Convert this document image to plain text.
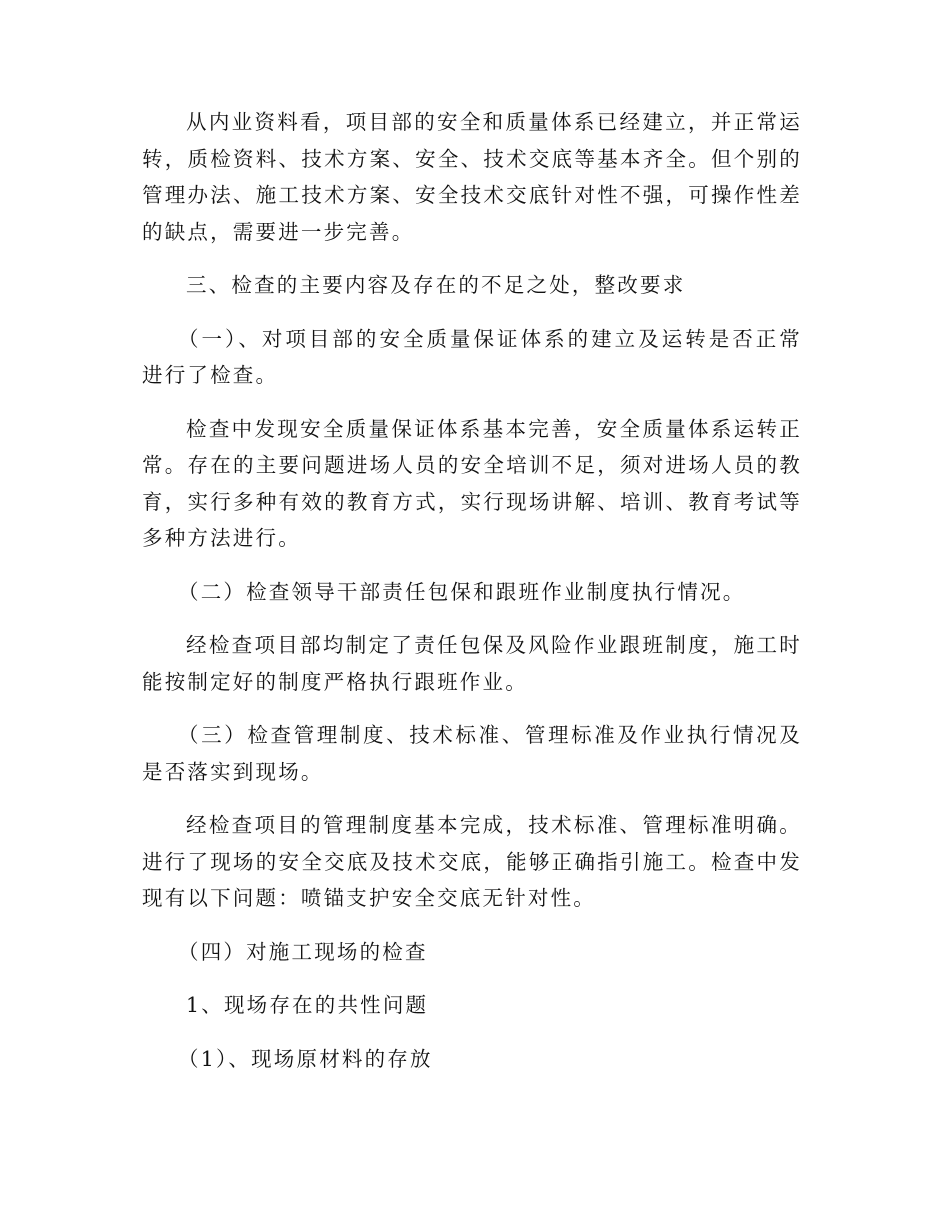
从内业资料看，项目部的安全和质量体系已经建立，并正常运转，质检资料、技术方案、安全、技术交底等基本齐全。但个别的管理办法、施工技术方案、安全技术交底针对性不强，可操作性差的缺点，需要进一步完善。

三、检查的主要内容及存在的不足之处，整改要求

（一）、对项目部的安全质量保证体系的建立及运转是否正常进行了检查。

检查中发现安全质量保证体系基本完善，安全质量体系运转正常。存在的主要问题进场人员的安全培训不足，须对进场人员的教育，实行多种有效的教育方式，实行现场讲解、培训、教育考试等多种方法进行。

（二）检查领导干部责任包保和跟班作业制度执行情况。

经检查项目部均制定了责任包保及风险作业跟班制度，施工时能按制定好的制度严格执行跟班作业。

（三）检查管理制度、技术标准、管理标准及作业执行情况及是否落实到现场。

经检查项目的管理制度基本完成，技术标准、管理标准明确。进行了现场的安全交底及技术交底，能够正确指引施工。检查中发现有以下问题：喷锚支护安全交底无针对性。

（四）对施工现场的检查

1、现场存在的共性问题

（1）、现场原材料的存放
